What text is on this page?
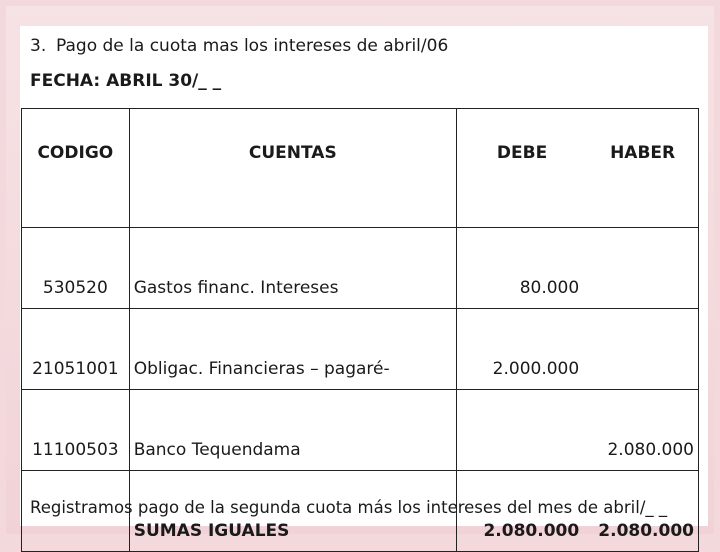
3. Pago de la cuota mas los intereses de abril/06
FECHA: ABRIL 30/_ _
CODIGO	CUENTAS	DEBE	HABER

530520	Gastos financ. Intereses	80.000	
21051001	Obligac. Financieras – pagaré-	2.000.000	
11100503	Banco Tequendama		2.080.000
	SUMAS IGUALES	2.080.000	2.080.000
Registramos pago de la segunda cuota más los intereses del mes de abril/_ _
